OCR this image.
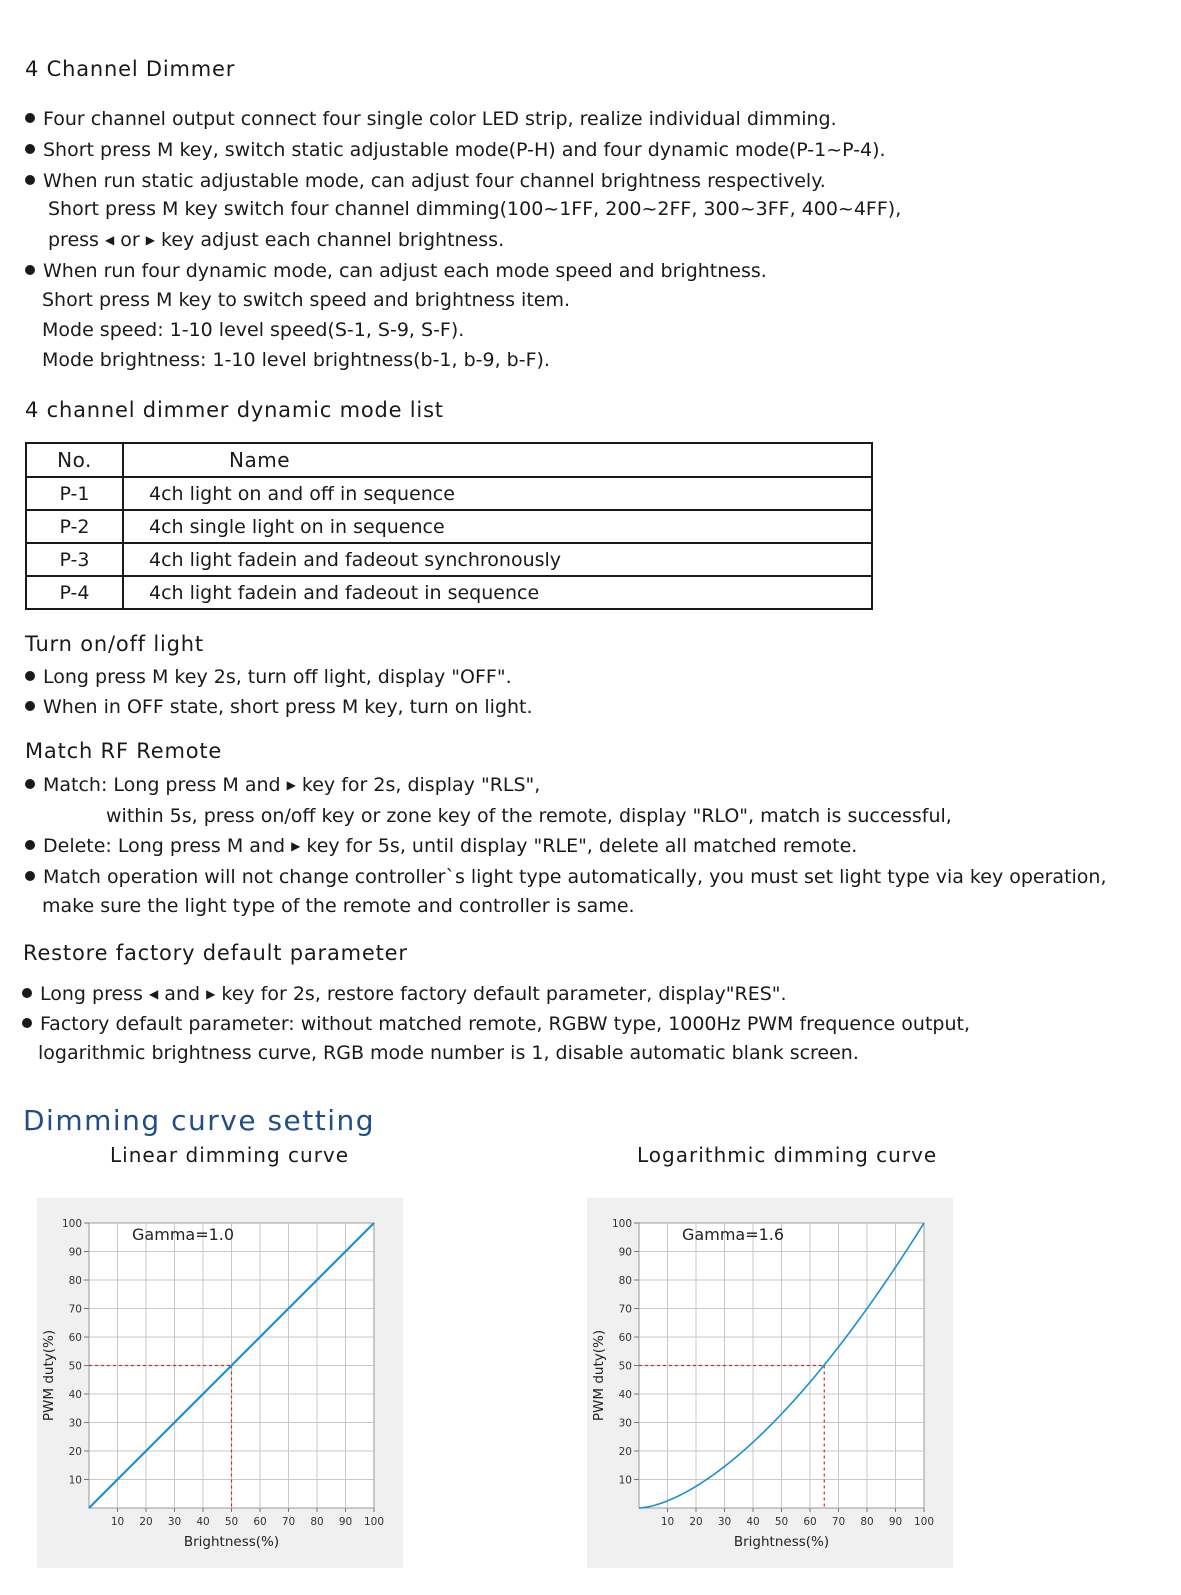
4 Channel Dimmer
Four channel output connect four single color LED strip, realize individual dimming.
Short press M key, switch static adjustable mode(P-H) and four dynamic mode(P-1~P-4).
When run static adjustable mode, can adjust four channel brightness respectively.
Short press M key switch four channel dimming(100~1FF, 200~2FF, 300~3FF, 400~4FF),
press ◀ or ▶ key adjust each channel brightness.
When run four dynamic mode, can adjust each mode speed and brightness.
Short press M key to switch speed and brightness item.
Mode speed: 1-10 level speed(S-1, S-9, S-F).
Mode brightness: 1-10 level brightness(b-1, b-9, b-F).
4 channel dimmer dynamic mode list
No.	Name
P-1	4ch light on and off in sequence
P-2	4ch single light on in sequence
P-3	4ch light fadein and fadeout synchronously
P-4	4ch light fadein and fadeout in sequence
Turn on/off light
Long press M key 2s, turn off light, display "OFF".
When in OFF state, short press M key, turn on light.
Match RF Remote
Match: Long press M and ▶ key for 2s, display "RLS",
within 5s, press on/off key or zone key of the remote, display "RLO", match is successful,
Delete: Long press M and ▶ key for 5s, until display "RLE", delete all matched remote.
Match operation will not change controller`s light type automatically, you must set light type via key operation,
make sure the light type of the remote and controller is same.
Restore factory default parameter
Long press ◀ and ▶ key for 2s, restore factory default parameter, display"RES".
Factory default parameter: without matched remote, RGBW type, 1000Hz PWM frequence output,
logarithmic brightness curve, RGB mode number is 1, disable automatic blank screen.
Dimming curve setting
Linear dimming curve	Logarithmic dimming curve
10 20 30 40 50 60 70 80 90 100
100
90
80
70
60
50
40
30
20
10
Brightness(%)
PWM duty(%)
Gamma=1.0
10 20 30 40 50 60 70 80 90 100
100
90
80
70
60
50
40
30
20
10
Brightness(%)
PWM duty(%)
Gamma=1.6
